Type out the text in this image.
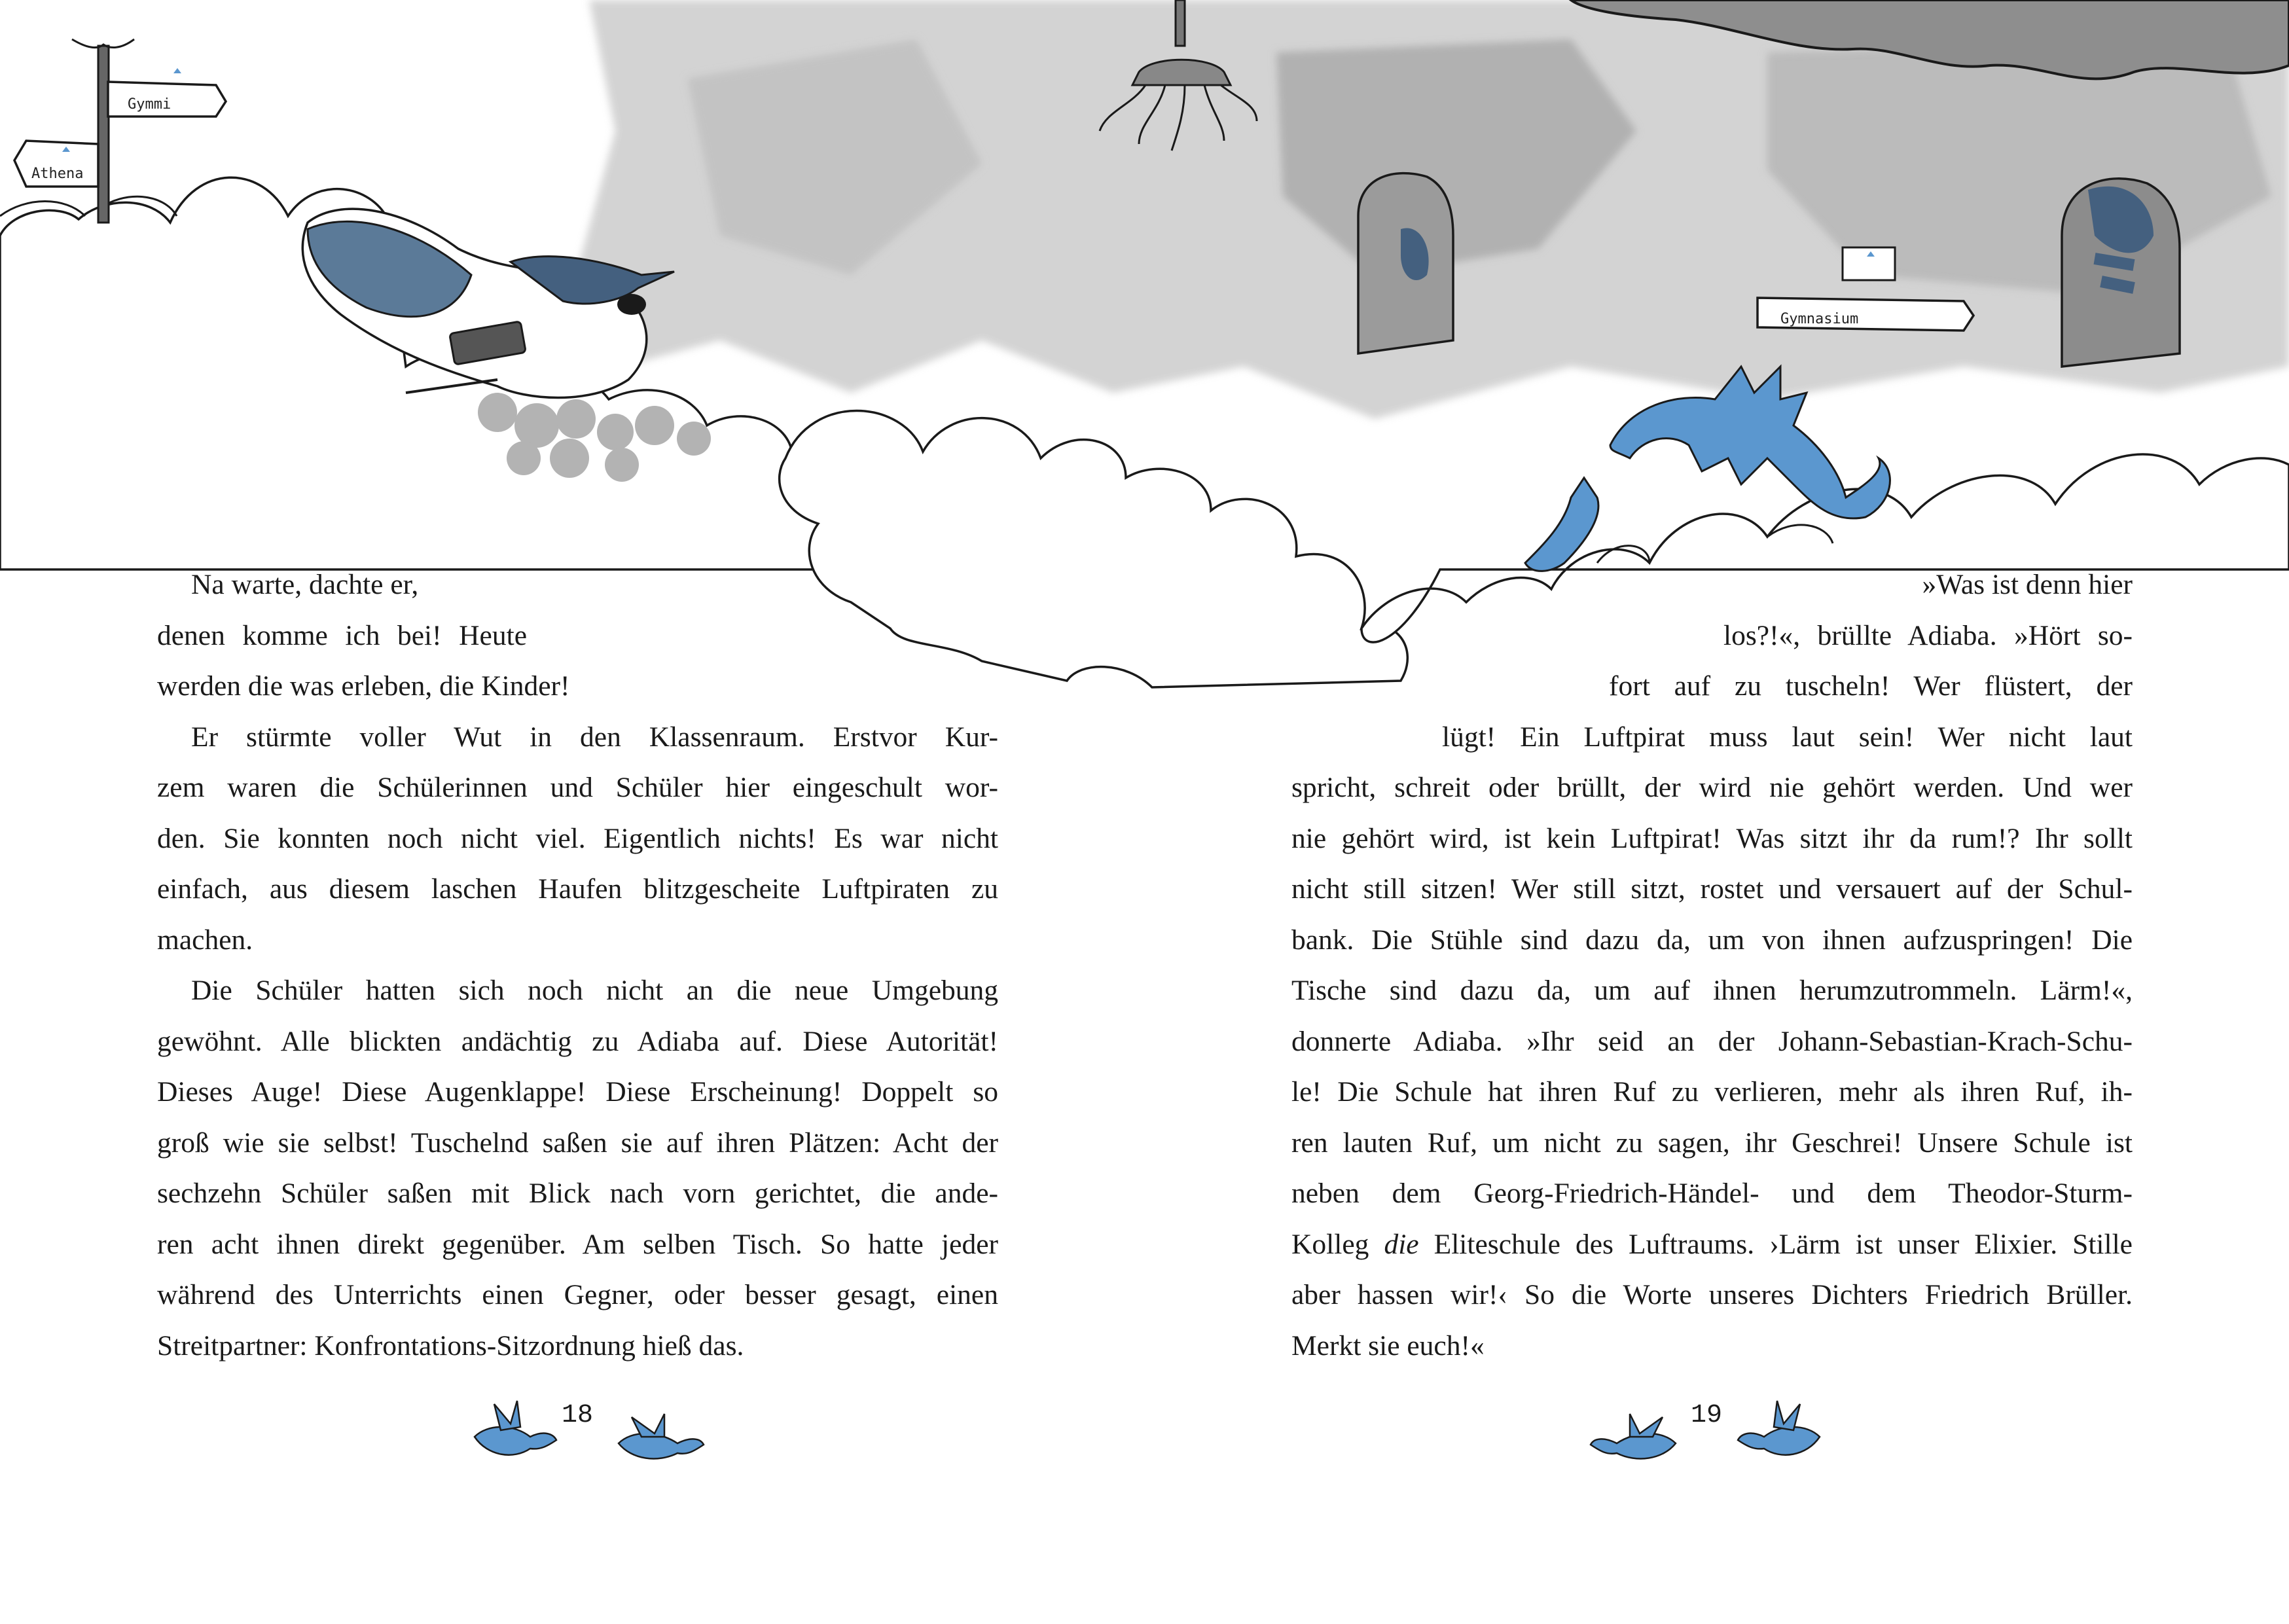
Gymmi
Athena
Gymnasium
Na warte, dachte er,
denen komme ich bei! Heute
werden die was erleben, die Kinder!
Er stürmte voller Wut in den Klassenraum. Erstvor Kur-
zem waren die Schülerinnen und Schüler hier eingeschult wor-
den. Sie konnten noch nicht viel. Eigentlich nichts! Es war nicht
einfach, aus diesem laschen Haufen blitzgescheite Luftpiraten zu
machen.
Die Schüler hatten sich noch nicht an die neue Umgebung
gewöhnt. Alle blickten andächtig zu Adiaba auf. Diese Autorität!
Dieses Auge! Diese Augenklappe! Diese Erscheinung! Doppelt so
groß wie sie selbst! Tuschelnd saßen sie auf ihren Plätzen: Acht der
sechzehn Schüler saßen mit Blick nach vorn gerichtet, die ande-
ren acht ihnen direkt gegenüber. Am selben Tisch. So hatte jeder
während des Unterrichts einen Gegner, oder besser gesagt, einen
Streitpartner: Konfrontations-Sitzordnung hieß das.
»Was ist denn hier
los?!«, brüllte Adiaba. »Hört so-
fort auf zu tuscheln! Wer flüstert, der
lügt! Ein Luftpirat muss laut sein! Wer nicht laut
spricht, schreit oder brüllt, der wird nie gehört werden. Und wer
nie gehört wird, ist kein Luftpirat! Was sitzt ihr da rum!? Ihr sollt
nicht still sitzen! Wer still sitzt, rostet und versauert auf der Schul-
bank. Die Stühle sind dazu da, um von ihnen aufzuspringen! Die
Tische sind dazu da, um auf ihnen herumzutrommeln. Lärm!«,
donnerte Adiaba. »Ihr seid an der Johann-Sebastian-Krach-Schu-
le! Die Schule hat ihren Ruf zu verlieren, mehr als ihren Ruf, ih-
ren lauten Ruf, um nicht zu sagen, ihr Geschrei! Unsere Schule ist
neben dem Georg-Friedrich-Händel- und dem Theodor-Sturm-
Kolleg die Eliteschule des Luftraums. ›Lärm ist unser Elixier. Stille
aber hassen wir!‹ So die Worte unseres Dichters Friedrich Brüller.
Merkt sie euch!«
18	19
